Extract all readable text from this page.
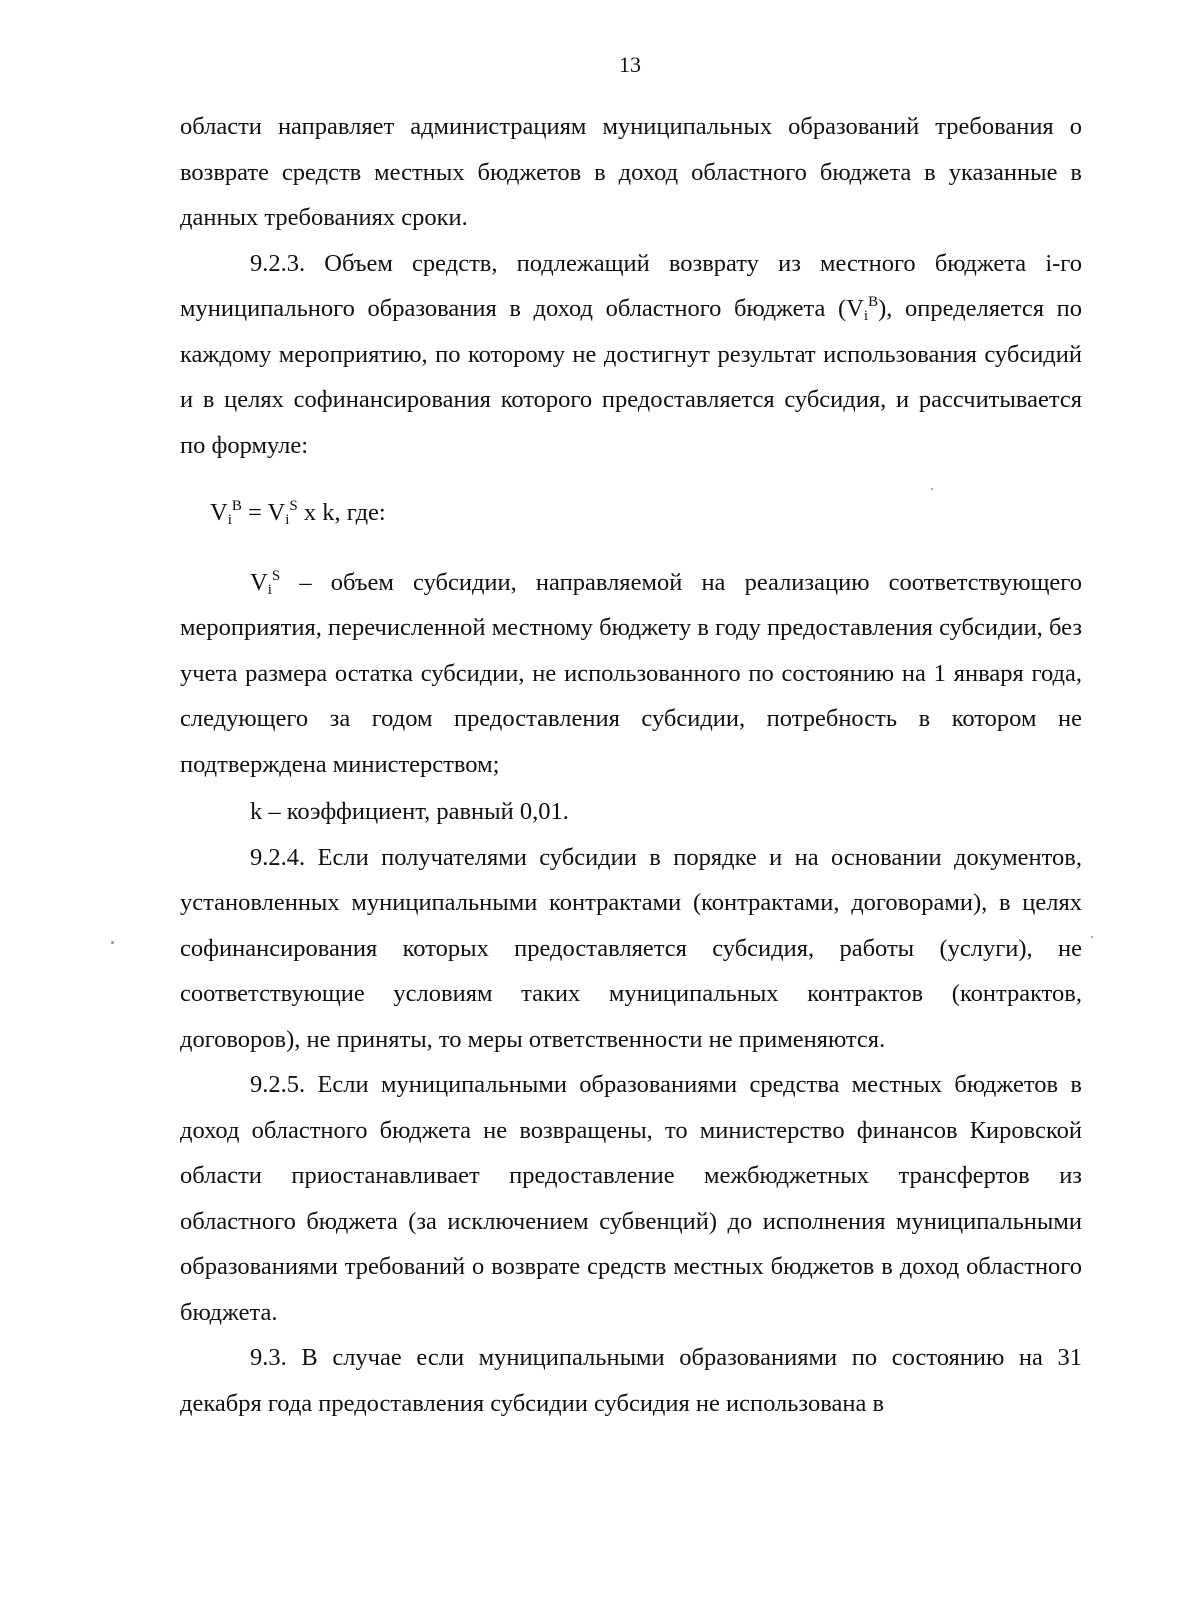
13

области направляет администрациям муниципальных образований требования о возврате средств местных бюджетов в доход областного бюджета в указанные в данных требованиях сроки.

9.2.3. Объем средств, подлежащий возврату из местного бюджета i-го муниципального образования в доход областного бюджета $(V_i^B)$, определяется по каждому мероприятию, по которому не достигнут результат использования субсидий и в целях софинансирования которого предоставляется субсидия, и рассчитывается по формуле:

$V_i^B = V_i^S$ x k, где:

$V_i^S$ – объем субсидии, направляемой на реализацию соответствующего мероприятия, перечисленной местному бюджету в году предоставления субсидии, без учета размера остатка субсидии, не использованного по состоянию на 1 января года, следующего за годом предоставления субсидии, потребность в котором не подтверждена министерством;

k – коэффициент, равный 0,01.

9.2.4. Если получателями субсидии в порядке и на основании документов, установленных муниципальными контрактами (контрактами, договорами), в целях софинансирования которых предоставляется субсидия, работы (услуги), не соответствующие условиям таких муниципальных контрактов (контрактов, договоров), не приняты, то меры ответственности не применяются.

9.2.5. Если муниципальными образованиями средства местных бюджетов в доход областного бюджета не возвращены, то министерство финансов Кировской области приостанавливает предоставление межбюджетных трансфертов из областного бюджета (за исключением субвенций) до исполнения муниципальными образованиями требований о возврате средств местных бюджетов в доход областного бюджета.

9.3. В случае если муниципальными образованиями по состоянию на 31 декабря года предоставления субсидии субсидия не использована в
